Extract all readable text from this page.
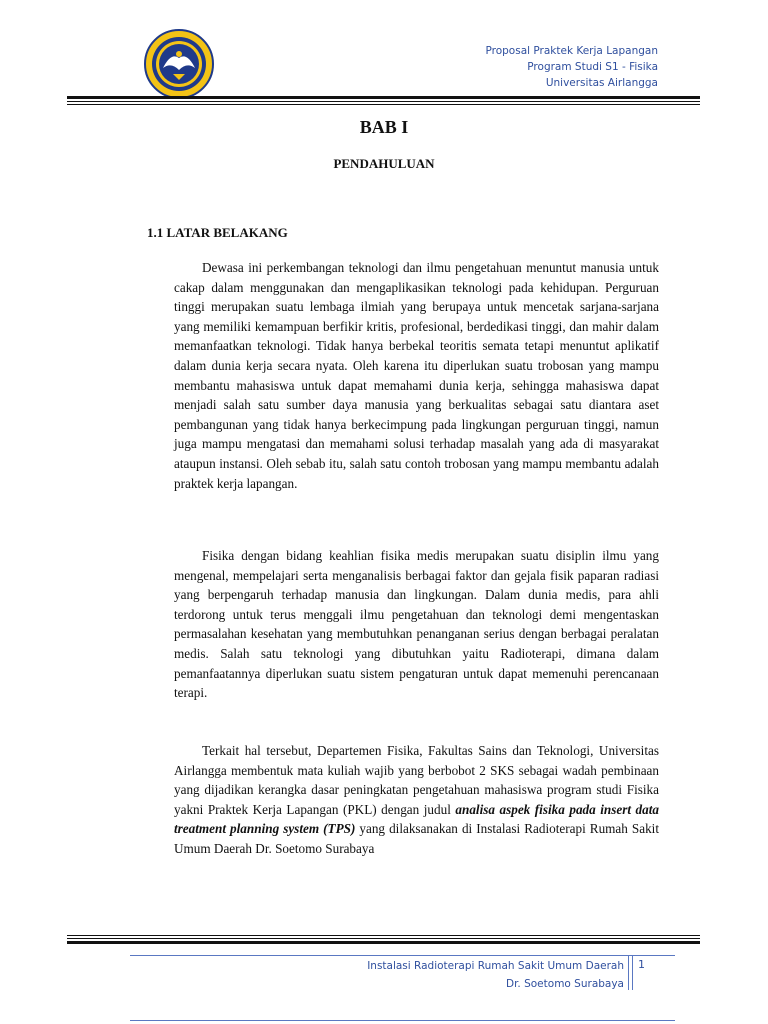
Proposal Praktek Kerja Lapangan
Program Studi S1 - Fisika
Universitas Airlangga
BAB I
PENDAHULUAN
1.1 LATAR BELAKANG

Dewasa ini perkembangan teknologi dan ilmu pengetahuan menuntut manusia untuk cakap dalam menggunakan dan mengaplikasikan teknologi pada kehidupan. Perguruan tinggi merupakan suatu lembaga ilmiah yang berupaya untuk mencetak sarjana-sarjana yang memiliki kemampuan berfikir kritis, profesional, berdedikasi tinggi, dan mahir dalam memanfaatkan teknologi. Tidak hanya berbekal teoritis semata tetapi menuntut aplikatif dalam dunia kerja secara nyata. Oleh karena itu diperlukan suatu trobosan yang mampu membantu mahasiswa untuk dapat memahami dunia kerja, sehingga mahasiswa dapat menjadi salah satu sumber daya manusia yang berkualitas sebagai satu diantara aset pembangunan yang tidak hanya berkecimpung pada lingkungan perguruan tinggi, namun juga mampu mengatasi dan memahami solusi terhadap masalah yang ada di masyarakat ataupun instansi. Oleh sebab itu, salah satu contoh trobosan yang mampu membantu adalah praktek kerja lapangan.

Fisika dengan bidang keahlian fisika medis merupakan suatu disiplin ilmu yang mengenal, mempelajari serta menganalisis berbagai faktor dan gejala fisik paparan radiasi yang berpengaruh terhadap manusia dan lingkungan. Dalam dunia medis, para ahli terdorong untuk terus menggali ilmu pengetahuan dan teknologi demi mengentaskan permasalahan kesehatan yang membutuhkan penanganan serius dengan berbagai peralatan medis. Salah satu teknologi yang dibutuhkan yaitu Radioterapi, dimana dalam pemanfaatannya diperlukan suatu sistem pengaturan untuk dapat memenuhi perencanaan terapi.

Terkait hal tersebut, Departemen Fisika, Fakultas Sains dan Teknologi, Universitas Airlangga membentuk mata kuliah wajib yang berbobot 2 SKS sebagai wadah pembinaan yang dijadikan kerangka dasar peningkatan pengetahuan mahasiswa program studi Fisika yakni Praktek Kerja Lapangan (PKL) dengan judul analisa aspek fisika pada insert data treatment planning system (TPS) yang dilaksanakan di Instalasi Radioterapi Rumah Sakit Umum Daerah Dr. Soetomo Surabaya

Instalasi Radioterapi Rumah Sakit Umum Daerah
Dr. Soetomo Surabaya
1
